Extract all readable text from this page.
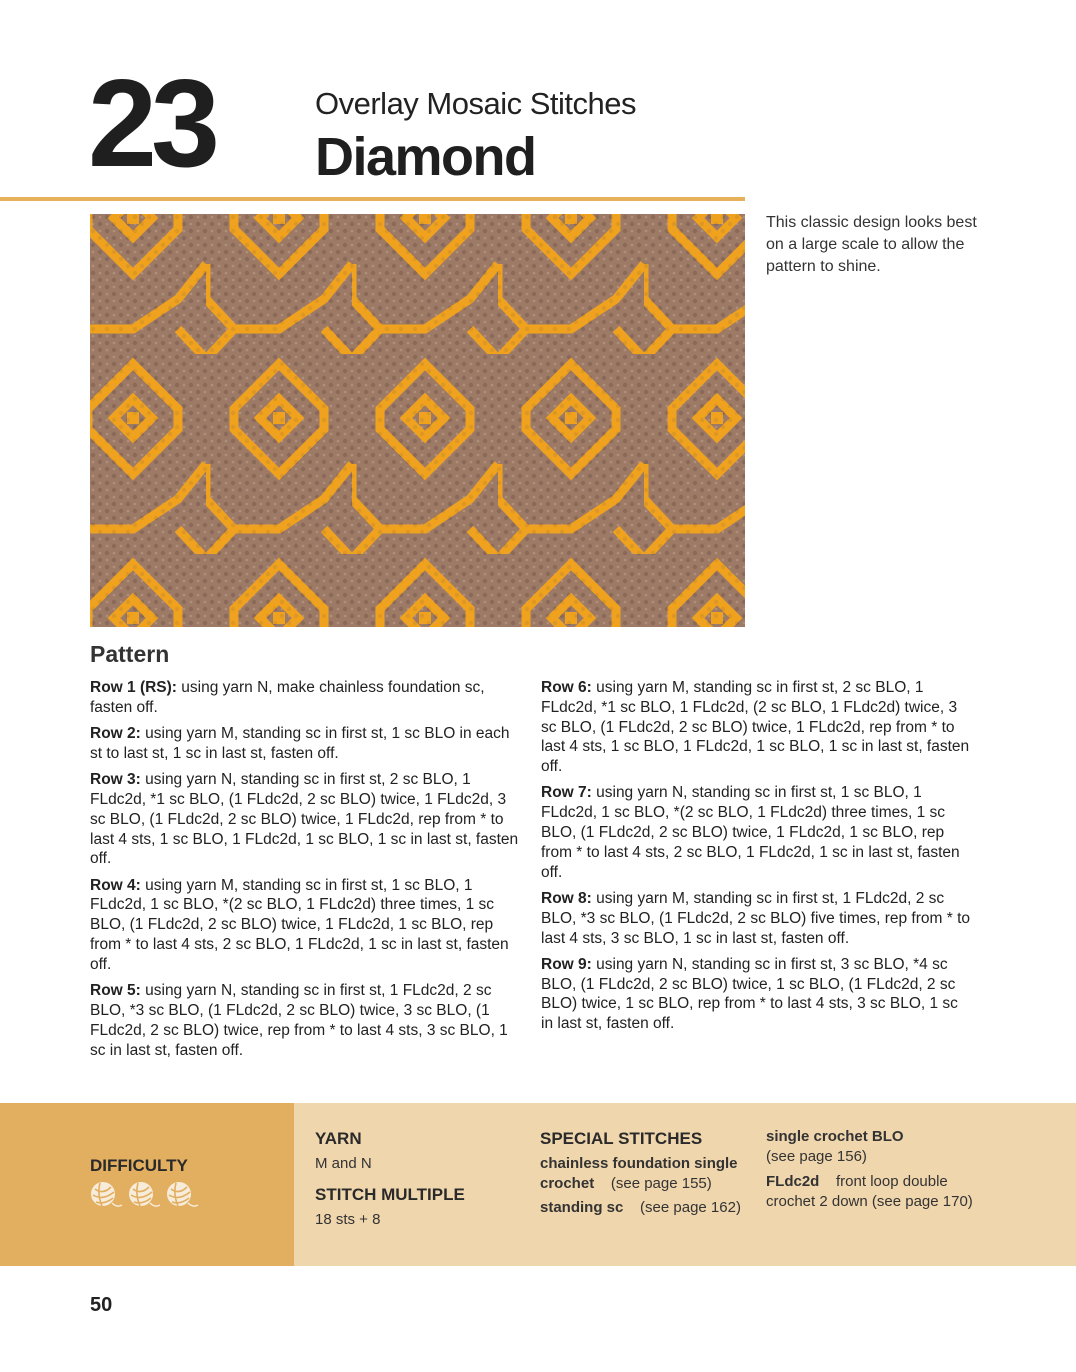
23	Overlay Mosaic Stitches
Diamond
This classic design looks best on a large scale to allow the pattern to shine.
Pattern

Row 1 (RS): using yarn N, make chainless foundation sc, fasten off.

Row 2: using yarn M, standing sc in first st, 1 sc BLO in each st to last st, 1 sc in last st, fasten off.

Row 3: using yarn N, standing sc in first st, 2 sc BLO, 1 FLdc2d, *1 sc BLO, (1 FLdc2d, 2 sc BLO) twice, 1 FLdc2d, 3 sc BLO, (1 FLdc2d, 2 sc BLO) twice, 1 FLdc2d, rep from * to last 4 sts, 1 sc BLO, 1 FLdc2d, 1 sc BLO, 1 sc in last st, fasten off.

Row 4: using yarn M, standing sc in first st, 1 sc BLO, 1 FLdc2d, 1 sc BLO, *(2 sc BLO, 1 FLdc2d) three times, 1 sc BLO, (1 FLdc2d, 2 sc BLO) twice, 1 FLdc2d, 1 sc BLO, rep from * to last 4 sts, 2 sc BLO, 1 FLdc2d, 1 sc in last st, fasten off.

Row 5: using yarn N, standing sc in first st, 1 FLdc2d, 2 sc BLO, *3 sc BLO, (1 FLdc2d, 2 sc BLO) twice, 3 sc BLO, (1 FLdc2d, 2 sc BLO) twice, rep from * to last 4 sts, 3 sc BLO, 1 sc in last st, fasten off.

Row 6: using yarn M, standing sc in first st, 2 sc BLO, 1 FLdc2d, *1 sc BLO, 1 FLdc2d, (2 sc BLO, 1 FLdc2d) twice, 3 sc BLO, (1 FLdc2d, 2 sc BLO) twice, 1 FLdc2d, rep from * to last 4 sts, 1 sc BLO, 1 FLdc2d, 1 sc BLO, 1 sc in last st, fasten off.

Row 7: using yarn N, standing sc in first st, 1 sc BLO, 1 FLdc2d, 1 sc BLO, *(2 sc BLO, 1 FLdc2d) three times, 1 sc BLO, (1 FLdc2d, 2 sc BLO) twice, 1 FLdc2d, 1 sc BLO, rep from * to last 4 sts, 2 sc BLO, 1 FLdc2d, 1 sc in last st, fasten off.

Row 8: using yarn M, standing sc in first st, 1 FLdc2d, 2 sc BLO, *3 sc BLO, (1 FLdc2d, 2 sc BLO) five times, rep from * to last 4 sts, 3 sc BLO, 1 sc in last st, fasten off.

Row 9: using yarn N, standing sc in first st, 3 sc BLO, *4 sc BLO, (1 FLdc2d, 2 sc BLO) twice, 1 sc BLO, (1 FLdc2d, 2 sc BLO) twice, 1 sc BLO, rep from * to last 4 sts, 3 sc BLO, 1 sc in last st, fasten off.

DIFFICULTY
YARN
M and N
STITCH MULTIPLE
18 sts + 8
SPECIAL STITCHES
chainless foundation single crochet (see page 155)
standing sc (see page 162)
single crochet BLO
(see page 156)
FLdc2d front loop double crochet 2 down (see page 170)
50
